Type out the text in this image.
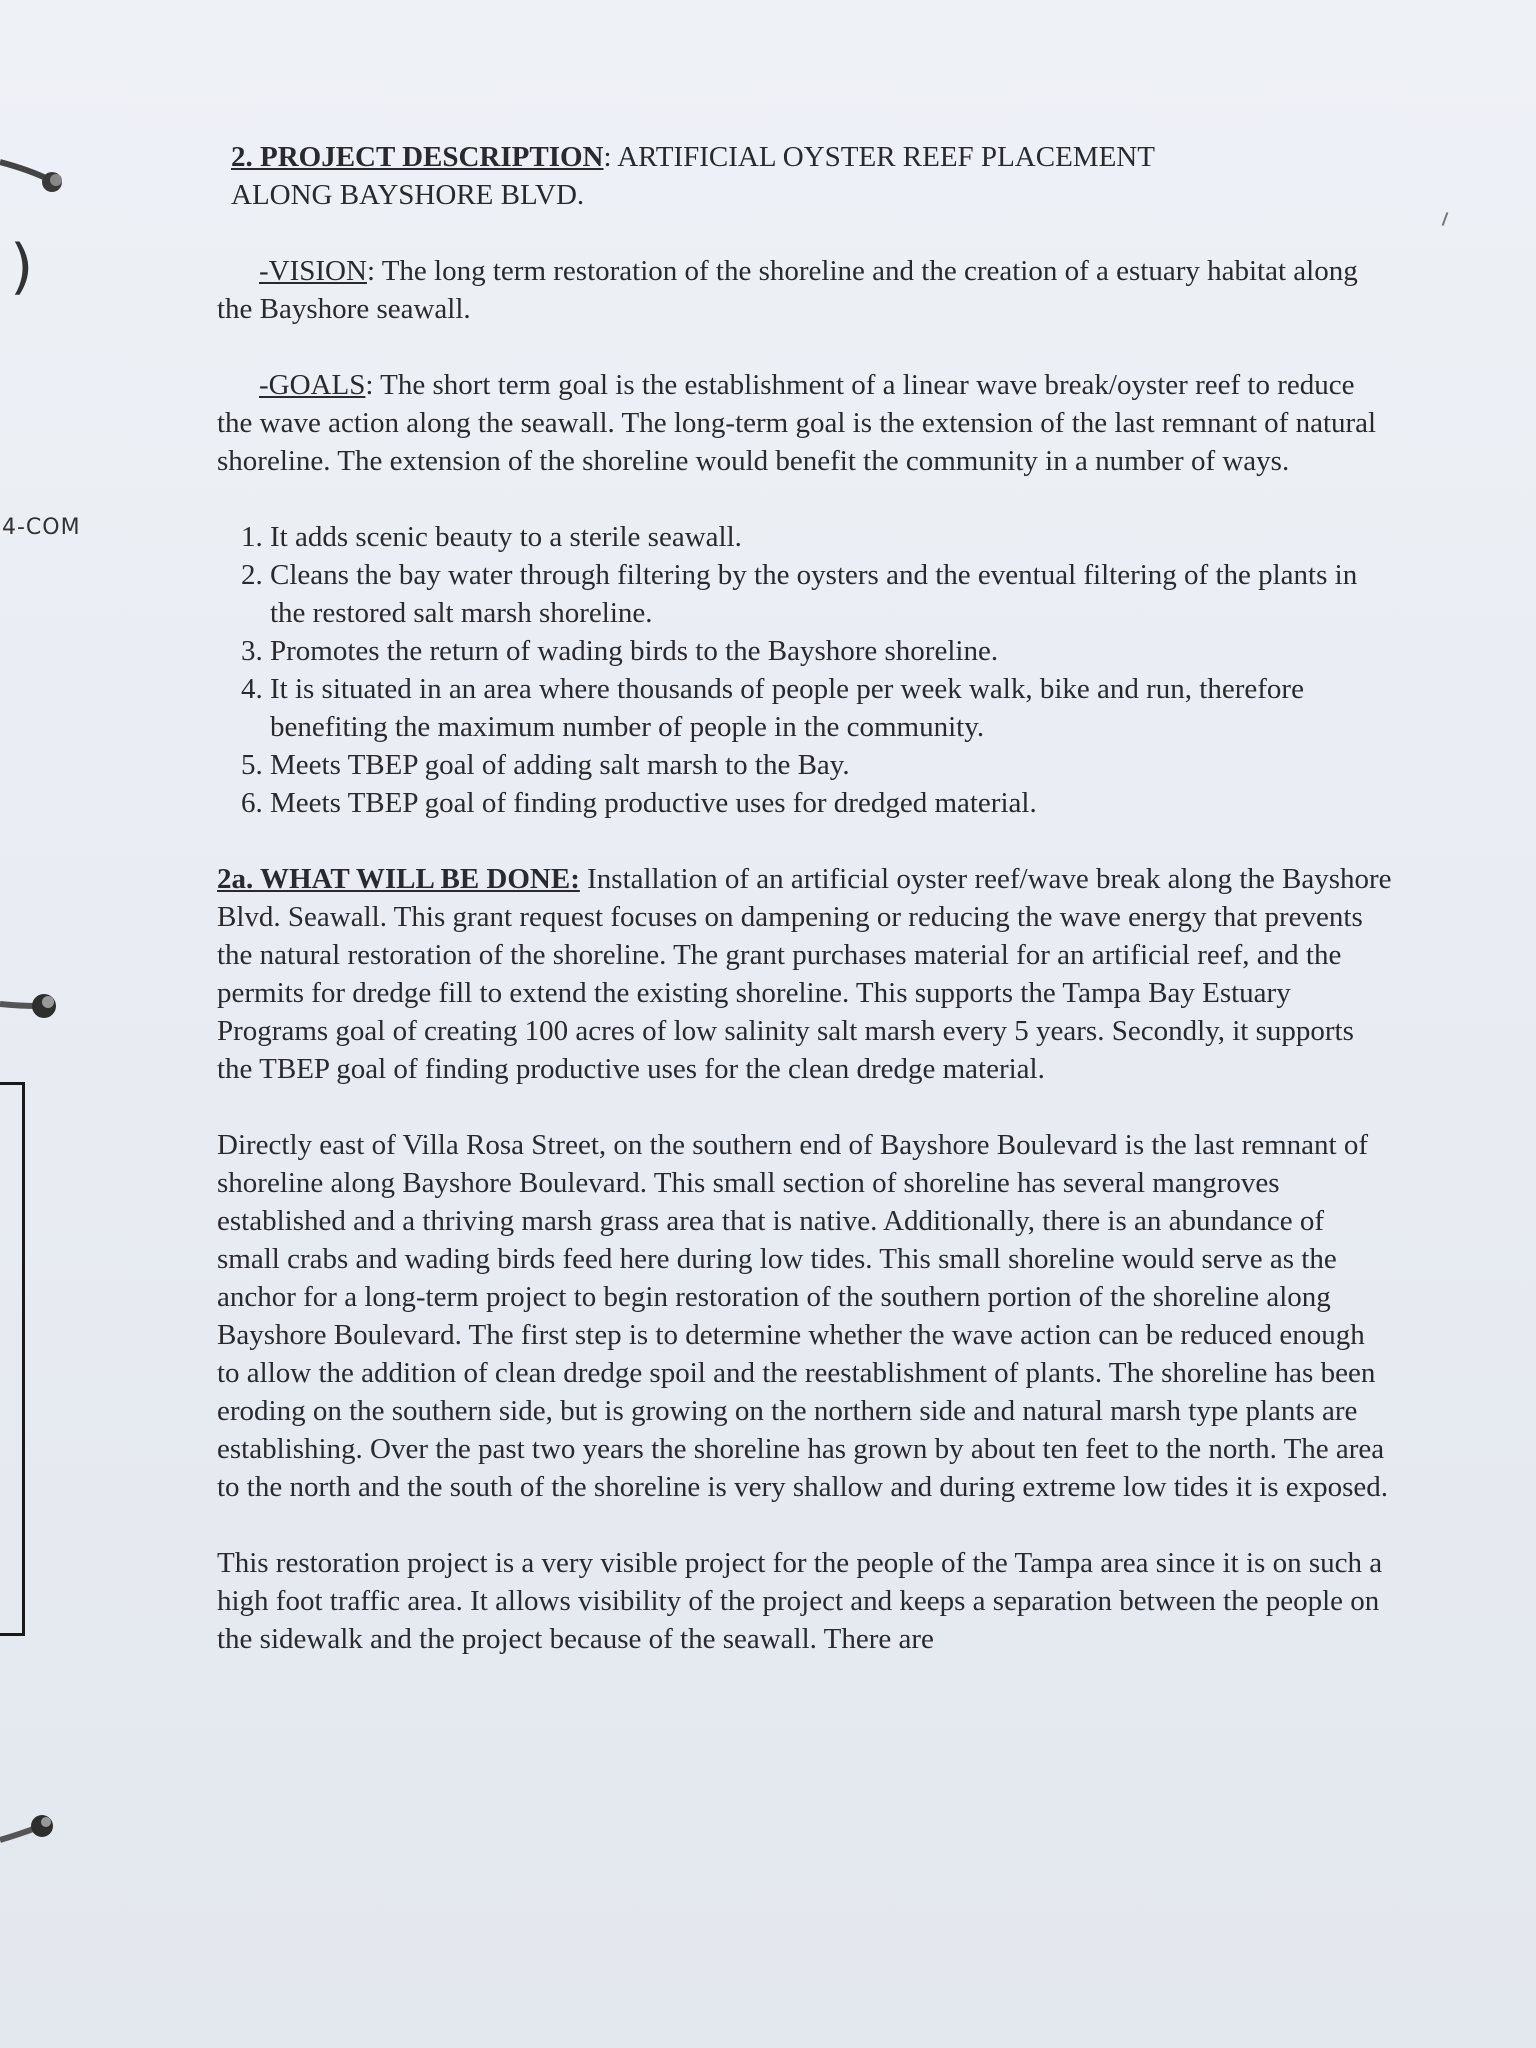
)
4-COM
2. PROJECT DESCRIPTION: ARTIFICIAL OYSTER REEF PLACEMENT
ALONG BAYSHORE BLVD.

-VISION: The long term restoration of the shoreline and the creation of a estuary habitat along the Bayshore seawall.

-GOALS: The short term goal is the establishment of a linear wave break/oyster reef to reduce the wave action along the seawall. The long-term goal is the extension of the last remnant of natural shoreline. The extension of the shoreline would benefit the community in a number of ways.

1. It adds scenic beauty to a sterile seawall.
2. Cleans the bay water through filtering by the oysters and the eventual filtering of the plants in the restored salt marsh shoreline.
3. Promotes the return of wading birds to the Bayshore shoreline.
4. It is situated in an area where thousands of people per week walk, bike and run, therefore benefiting the maximum number of people in the community.
5. Meets TBEP goal of adding salt marsh to the Bay.
6. Meets TBEP goal of finding productive uses for dredged material.

2a. WHAT WILL BE DONE: Installation of an artificial oyster reef/wave break along the Bayshore Blvd. Seawall. This grant request focuses on dampening or reducing the wave energy that prevents the natural restoration of the shoreline. The grant purchases material for an artificial reef, and the permits for dredge fill to extend the existing shoreline. This supports the Tampa Bay Estuary Programs goal of creating 100 acres of low salinity salt marsh every 5 years. Secondly, it supports the TBEP goal of finding productive uses for the clean dredge material.

Directly east of Villa Rosa Street, on the southern end of Bayshore Boulevard is the last remnant of shoreline along Bayshore Boulevard. This small section of shoreline has several mangroves established and a thriving marsh grass area that is native. Additionally, there is an abundance of small crabs and wading birds feed here during low tides. This small shoreline would serve as the anchor for a long-term project to begin restoration of the southern portion of the shoreline along Bayshore Boulevard. The first step is to determine whether the wave action can be reduced enough to allow the addition of clean dredge spoil and the reestablishment of plants. The shoreline has been eroding on the southern side, but is growing on the northern side and natural marsh type plants are establishing. Over the past two years the shoreline has grown by about ten feet to the north. The area to the north and the south of the shoreline is very shallow and during extreme low tides it is exposed.

This restoration project is a very visible project for the people of the Tampa area since it is on such a high foot traffic area. It allows visibility of the project and keeps a separation between the people on the sidewalk and the project because of the seawall. There are
